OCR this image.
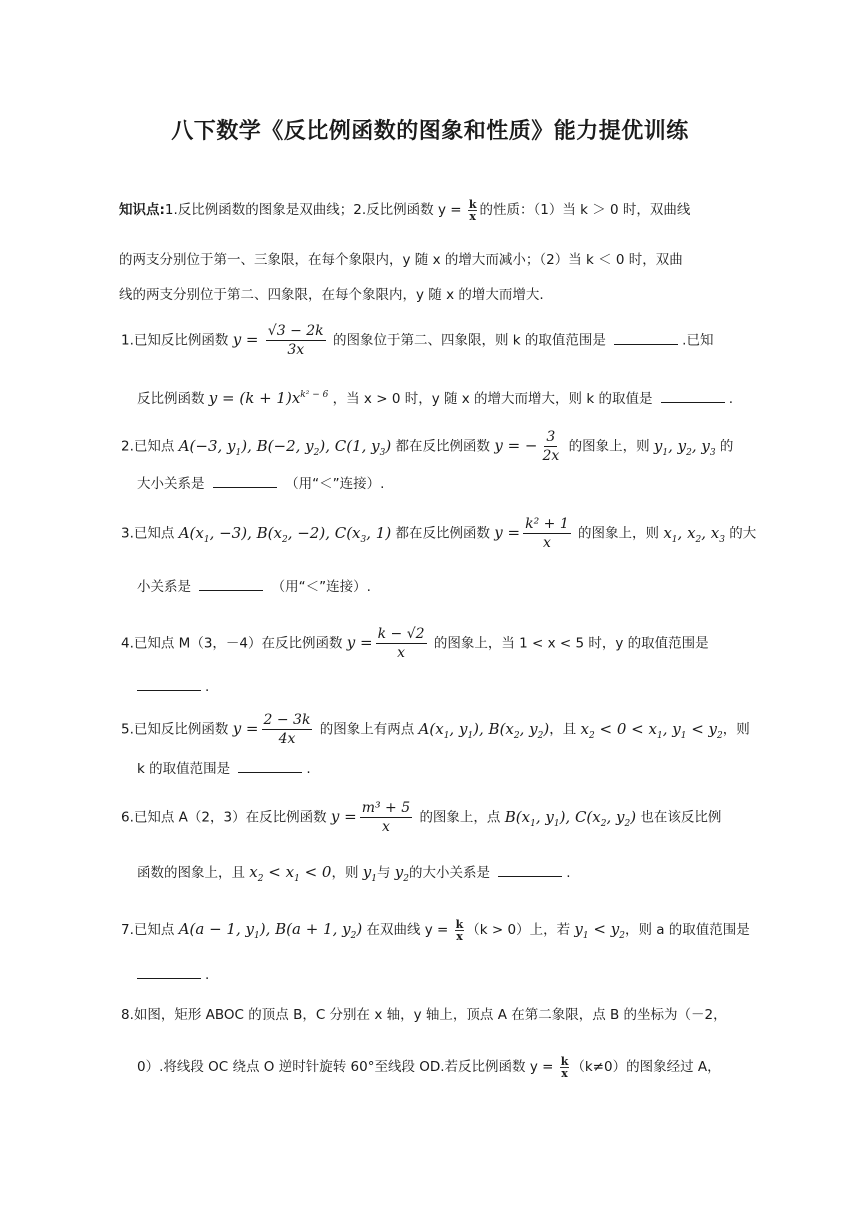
八下数学《反比例函数的图象和性质》能力提优训练
知识点:1.反比例函数的图象是双曲线；2.反比例函数 $y = \frac{k}{x}$ 的性质：（1）当 k ＞ 0 时，双曲线
的两支分别位于第一、三象限，在每个象限内，y 随 x 的增大而减小；（2）当 k ＜ 0 时，双曲
线的两支分别位于第二、四象限，在每个象限内，y 随 x 的增大而增大.
1.已知反比例函数 $y = \frac{√3 - 2k}{3x}$ 的图象位于第二、四象限，则 k 的取值范围是	.已知
反比例函数 $y = (k + 1)x^{k^2 - 6}$ ，当 x > 0 时，y 随 x 的增大而增大，则 k 的取值是	.
2.已知点 A(−3, $y_1$), B(−2, $y_2$), C(1, $y_3$) 都在反比例函数 y = − $\frac{3}{2x}$ 的图象上，则 $y_1$, $y_2$, $y_3$ 的
大小关系是	（用“＜”连接）.
3.已知点 $A(x_1$, −3), $B(x_2$, −2), $C(x_3$, 1) 都在反比例函数 $y = \frac{\text{k² + 1}}{x}$ 的图象上，则 $x_1$, $x_2$, $x_3$ 的大
小关系是	（用“＜”连接）.
4.已知点 M（3，－4）在反比例函数 $y = \frac{k - √2}{x}$ 的图象上，当 1 < x < 5 时，y 的取值范围是
.
5.已知反比例函数 $y = \frac{2 - 3k}{4x}$ 的图象上有两点 $A(x_1$, $y_1$), $B(x_2$, $y_2$)，且 $x_2 < 0 < x_1$, $y_1 < y_2$，则
k 的取值范围是	.
6.已知点 A（2，3）在反比例函数 $y = \frac{\text{m³ + 5}}{x}$ 的图象上，点 $B(x_1$, $y_1$), $C(x_2$, $y_2$) 也在该反比例
函数的图象上，且 $x_2 < x_1 < 0$，则 $y_1$与 $y_2$的大小关系是	.
7.已知点 A(a − 1, $y_1$), B(a + 1, $y_2$) 在双曲线 $y = \frac{k}{x} (k > 0)$上，若 $y_1 < y_2$，则 a 的取值范围是
.
8.如图，矩形 ABOC 的顶点 B，C 分别在 x 轴，y 轴上，顶点 A 在第二象限，点 B 的坐标为（－2，
0）.将线段 OC 绕点 O 逆时针旋转 60°至线段 OD.若反比例函数 $y = \frac{k}{x} (k\ne 0)$的图象经过 A，
